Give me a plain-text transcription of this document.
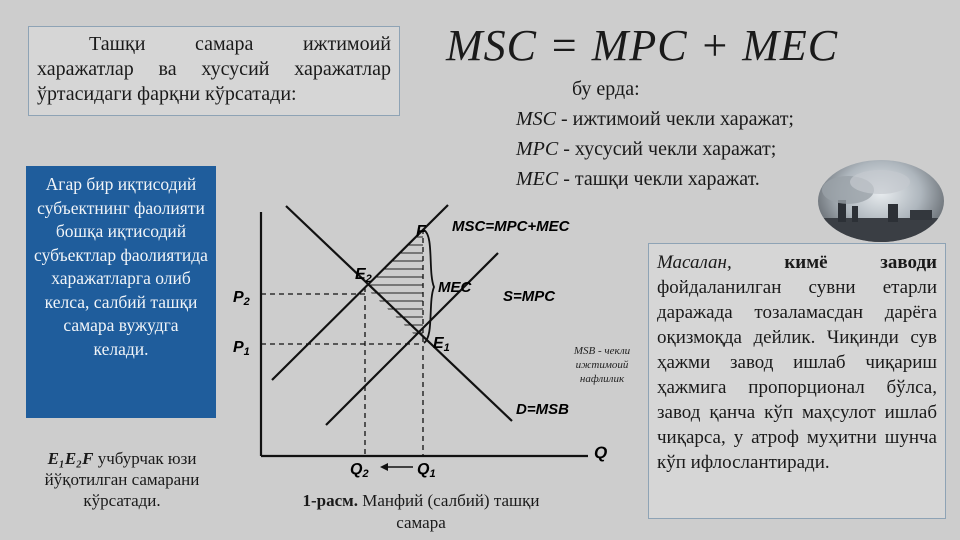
Ташқи самара ижтимоий харажатлар ва хусусий харажатлар ўртасидаги фарқни кўрсатади:
MSC = MPC + MEC
бу ерда:
MSC - ижтимоий чекли харажат;
MPC - хусусий чекли харажат;
MEC - ташқи чекли харажат.
Агар бир иқтисодий субъектнинг фаолияти бошқа иқтисодий субъектлар фаолиятида харажатларга олиб келса, салбий ташқи самара вужудга келади.
E₁E₂F учбурчак юзи йўқотилган самарани кўрсатади.
Масалан, кимё заводи фойдаланилган сувни етарли даражада тозаламасдан дарёга оқизмоқда дейлик. Чиқинди сув ҳажми завод ишлаб чиқариш ҳажмига пропорционал бўлса, завод қанча кўп маҳсулот ишлаб чиқарса, у атроф муҳитни шунча кўп ифлослантиради.
MSB - чекли ижтимоий нафлилик
1-расм. Манфий (салбий) ташқи самара
F MSC=MPC+MEC
E2	MEC
S=MPC
P2
P1	E1
D=MSB
Q2	Q1
Q
